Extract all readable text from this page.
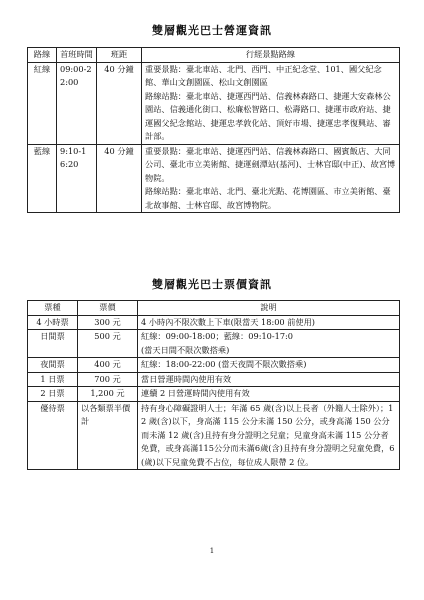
雙層觀光巴士營運資訊
路線	首班時間	班距	行經景點路線
紅線	09:00-22:00	40 分鐘	重要景點：臺北車站、北門、西門、中正紀念堂、101、國父紀念館、華山文創園區、松山文創園區
路線站點：臺北車站、捷運西門站、信義林森路口、捷運大安森林公園站、信義通化街口、松廉松智路口、松壽路口、捷運市政府站、捷運國父紀念館站、捷運忠孝敦化站、頂好市場、捷運忠孝復興站、審計部。
藍線	9:10-16:20	40 分鐘	重要景點：臺北車站、捷運西門站、信義林森路口、國賓飯店、大同公司、臺北市立美術館、捷運劍潭站(基河)、士林官邸(中正)、故宮博物院。
路線站點：臺北車站、北門、臺北光點、花博園區、市立美術館、臺北故事館、士林官邸、故宮博物院。
雙層觀光巴士票價資訊
票種	票價	說明
4 小時票	300 元	4 小時內不限次數上下車(限當天 18:00 前使用)
日間票	500 元	紅線：09:00-18:00；藍線：09:10-17:0
(當天日間不限次數搭乘)
夜間票	400 元	紅線：18:00-22:00 (當天夜間不限次數搭乘)
1 日票	700 元	當日營運時間內使用有效
2 日票	1,200 元	連續 2 日營運時間內使用有效
優待票	以各類票半價計	持有身心障礙證明人士；年滿 65 歲(含)以上長者（外籍人士除外）；12 歲(含)以下，身高滿 115 公分未滿 150 公分，或身高滿 150 公分而未滿 12 歲(含)且持有身分證明之兒童；兒童身高未滿 115 公分者免費，或身高滿115公分而未滿6歲(含)且持有身分證明之兒童免費，6(歲)以下兒童免費不占位，每位成人限帶 2 位。
1
